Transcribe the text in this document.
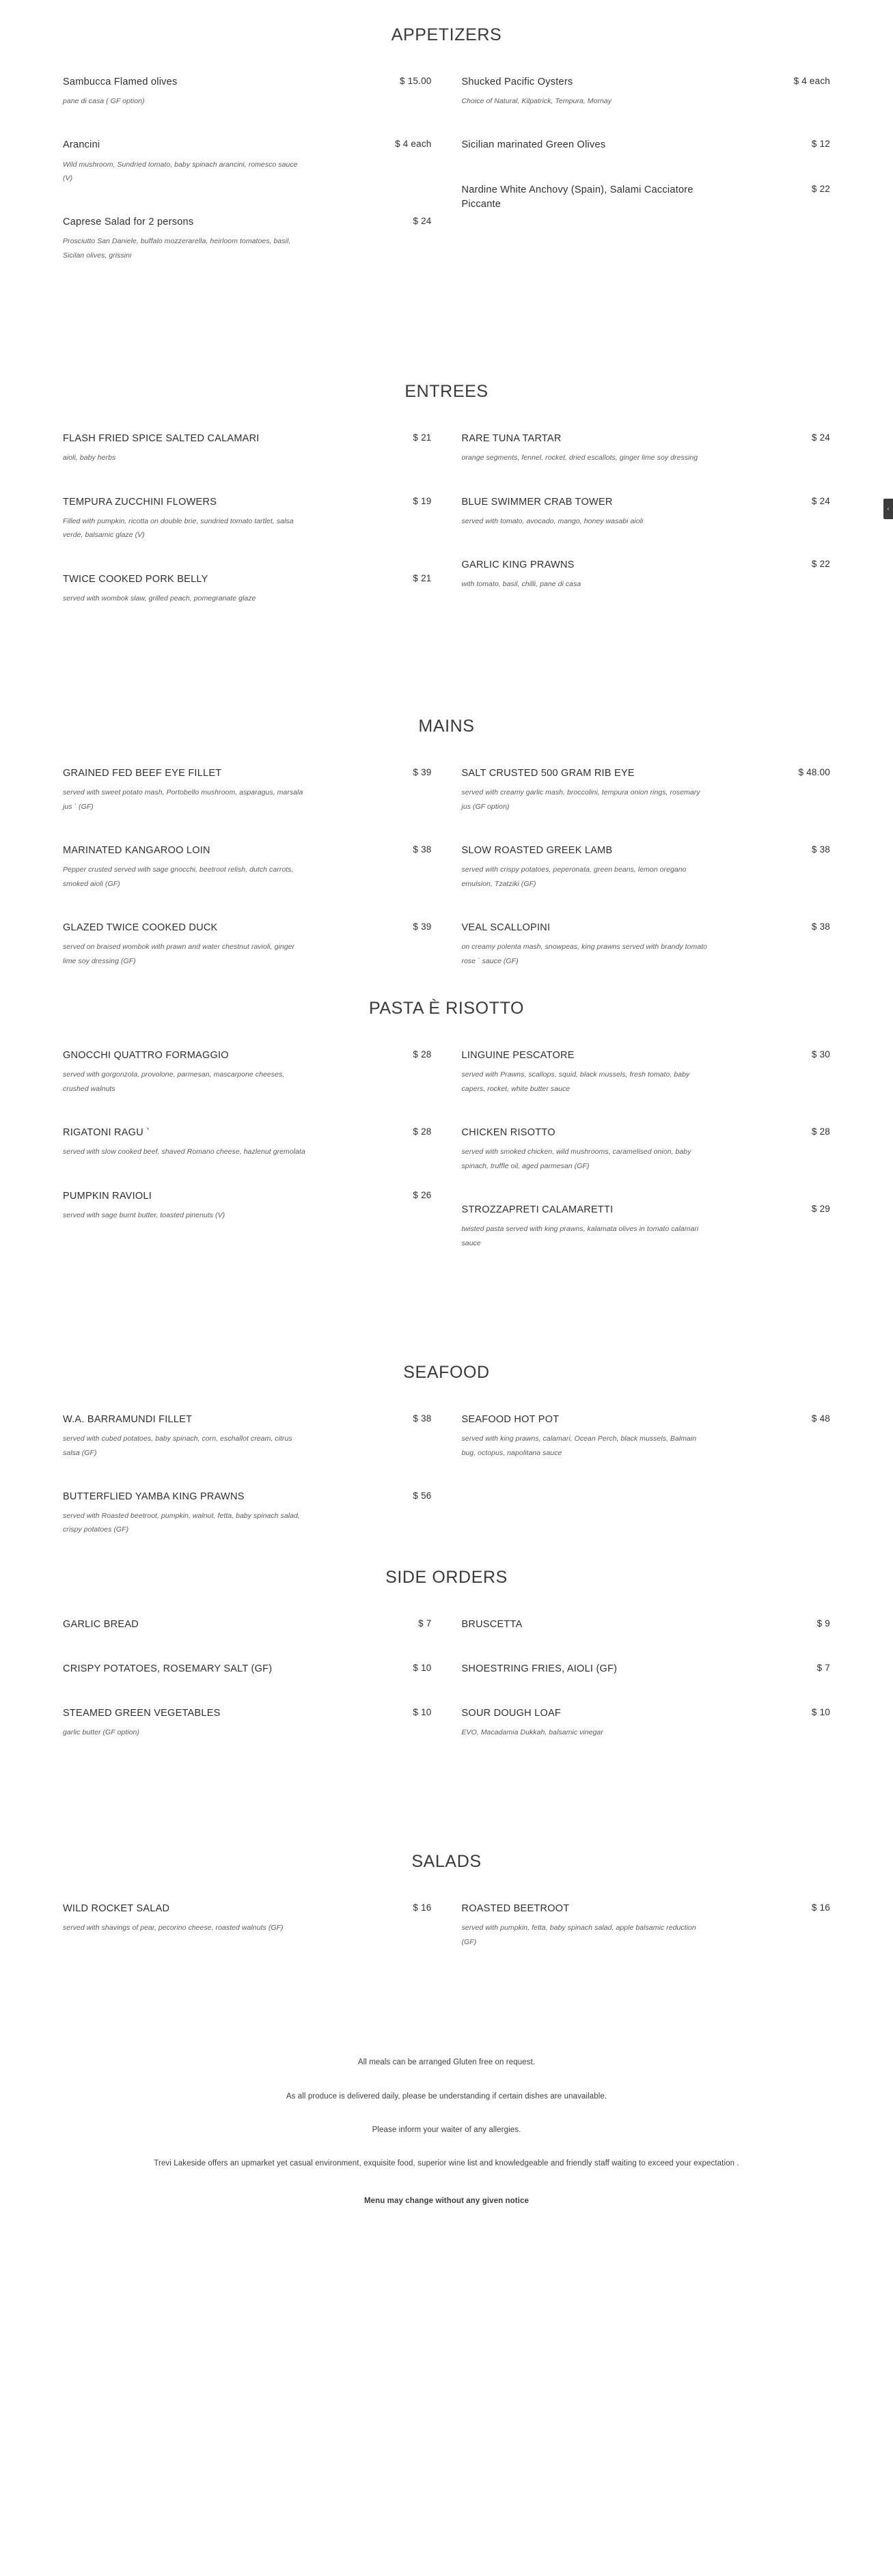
APPETIZERS
Sambucca Flamed olives	$ 15.00
pane di casa ( GF option)
Arancini	$ 4 each
Wild mushroom, Sundried tomato, baby spinach arancini, romesco sauce (V)
Caprese Salad for 2 persons	$ 24
Prosciutto San Daniele, buffalo mozzerarella, heirloom tomatoes, basil, Sicilan olives, grissini
Shucked Pacific Oysters	$ 4 each
Choice of Natural, Kilpatrick, Tempura, Mornay
Sicilian marinated Green Olives	$ 12
Nardine White Anchovy (Spain), Salami Cacciatore Piccante
$ 22
ENTREES
FLASH FRIED SPICE SALTED CALAMARI	$ 21
aioli, baby herbs
TEMPURA ZUCCHINI FLOWERS	$ 19
Filled with pumpkin, ricotta on double brie, sundried tomato tartlet, salsa verde, balsamic glaze (V)
TWICE COOKED PORK BELLY	$ 21
served with wombok slaw, grilled peach, pomegranate glaze
RARE TUNA TARTAR	$ 24
orange segments, fennel, rocket, dried escallots, ginger lime soy dressing
BLUE SWIMMER CRAB TOWER	$ 24
served with tomato, avocado, mango, honey wasabi aioli
GARLIC KING PRAWNS	$ 22
with tomato, basil, chilli, pane di casa
MAINS
GRAINED FED BEEF EYE FILLET	$ 39
served with sweet potato mash, Portobello mushroom, asparagus, marsala jus ` (GF)
MARINATED KANGAROO LOIN	$ 38
Pepper crusted served with sage gnocchi, beetroot relish, dutch carrots, smoked aioli (GF)
GLAZED TWICE COOKED DUCK	$ 39
served on braised wombok with prawn and water chestnut ravioli, ginger lime soy dressing (GF)
SALT CRUSTED 500 GRAM RIB EYE	$ 48.00
served with creamy garlic mash, broccolini, tempura onion rings, rosemary jus (GF option)
SLOW ROASTED GREEK LAMB	$ 38
served with crispy potatoes, peperonata, green beans, lemon oregano emulsion, Tzatziki (GF)
VEAL SCALLOPINI	$ 38
on creamy polenta mash, snowpeas, king prawns served with brandy tomato rose ` sauce (GF)
PASTA È RISOTTO
GNOCCHI QUATTRO FORMAGGIO	$ 28
served with gorgonzola, provolone, parmesan, mascarpone cheeses, crushed walnuts
RIGATONI RAGU `	$ 28
served with slow cooked beef, shaved Romano cheese, hazlenut gremolata
PUMPKIN RAVIOLI	$ 26
served with sage burnt butter, toasted pinenuts (V)
LINGUINE PESCATORE	$ 30
served with Prawns, scallops, squid, black mussels, fresh tomato, baby capers, rocket, white butter sauce
CHICKEN RISOTTO	$ 28
served with smoked chicken, wild mushrooms, caramelised onion, baby spinach, truffle oil, aged parmesan (GF)
STROZZAPRETI CALAMARETTI	$ 29
twisted pasta served with king prawns, kalamata olives in tomato calamari sauce
SEAFOOD
W.A. BARRAMUNDI FILLET	$ 38
served with cubed potatoes, baby spinach, corn, eschallot cream, citrus salsa (GF)
BUTTERFLIED YAMBA KING PRAWNS	$ 56
served with Roasted beetroot, pumpkin, walnut, fetta, baby spinach salad, crispy potatoes (GF)
SEAFOOD HOT POT	$ 48
served with king prawns, calamari, Ocean Perch, black mussels, Balmain bug, octopus, napolitana sauce
SIDE ORDERS
GARLIC BREAD	$ 7
CRISPY POTATOES, ROSEMARY SALT (GF)	$ 10
STEAMED GREEN VEGETABLES	$ 10
garlic butter (GF option)
BRUSCETTA	$ 9
SHOESTRING FRIES, AIOLI (GF)	$ 7
SOUR DOUGH LOAF	$ 10
EVO, Macadamia Dukkah, balsamic vinegar
SALADS
WILD ROCKET SALAD	$ 16
served with shavings of pear, pecorino cheese, roasted walnuts (GF)
ROASTED BEETROOT	$ 16
served with pumpkin, fetta, baby spinach salad, apple balsamic reduction (GF)

All meals can be arranged Gluten free on request.

As all produce is delivered daily, please be understanding if certain dishes are unavailable.

Please inform your waiter of any allergies.

Trevi Lakeside offers an upmarket yet casual environment, exquisite food, superior wine list and knowledgeable and friendly staff waiting to exceed your expectation .

Menu may change without any given notice

‹
